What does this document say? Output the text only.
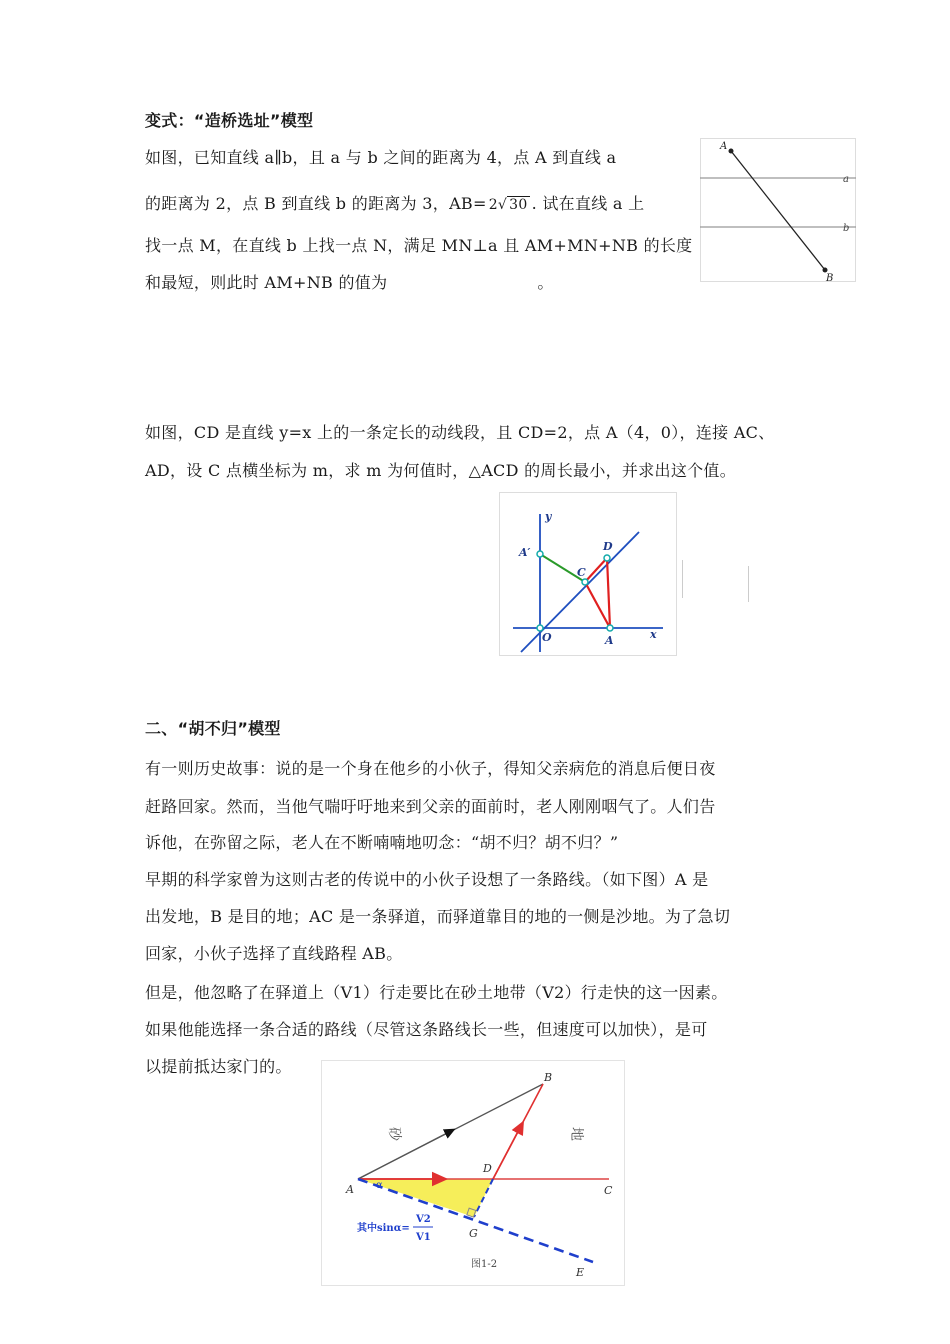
变式：“造桥选址”模型
如图，已知直线 a∥b，且 a 与 b 之间的距离为 4，点 A 到直线 a
的距离为 2，点 B 到直线 b 的距离为 3，AB= 2√ 30 . 试在直线 a 上
找一点 M，在直线 b 上找一点 N，满足 MN⊥a 且 AM+MN+NB 的长度
和最短，则此时 AM+NB 的值为	。
A
B
a
b
如图，CD 是直线 y=x 上的一条定长的动线段，且 CD=2，点 A（4，0），连接 AC、
AD，设 C 点横坐标为 m，求 m 为何值时，△ACD 的周长最小，并求出这个值。
y
x
A′
C
D
O	A
二、“胡不归”模型
有一则历史故事：说的是一个身在他乡的小伙子，得知父亲病危的消息后便日夜
赶路回家。然而，当他气喘吁吁地来到父亲的面前时，老人刚刚咽气了。人们告
诉他，在弥留之际，老人在不断喃喃地叨念：“胡不归？胡不归？”
早期的科学家曾为这则古老的传说中的小伙子设想了一条路线。（如下图）A 是
出发地，B 是目的地；AC 是一条驿道，而驿道靠目的地的一侧是沙地。为了急切
回家，小伙子选择了直线路程 AB。
但是，他忽略了在驿道上（V1）行走要比在砂土地带（V2）行走快的这一因素。
如果他能选择一条合适的路线（尽管这条路线长一些，但速度可以加快），是可
以提前抵达家门的。
B
A	C
D
G
E
α
砂	地
其中sinα=
V2
V1
图1-2
